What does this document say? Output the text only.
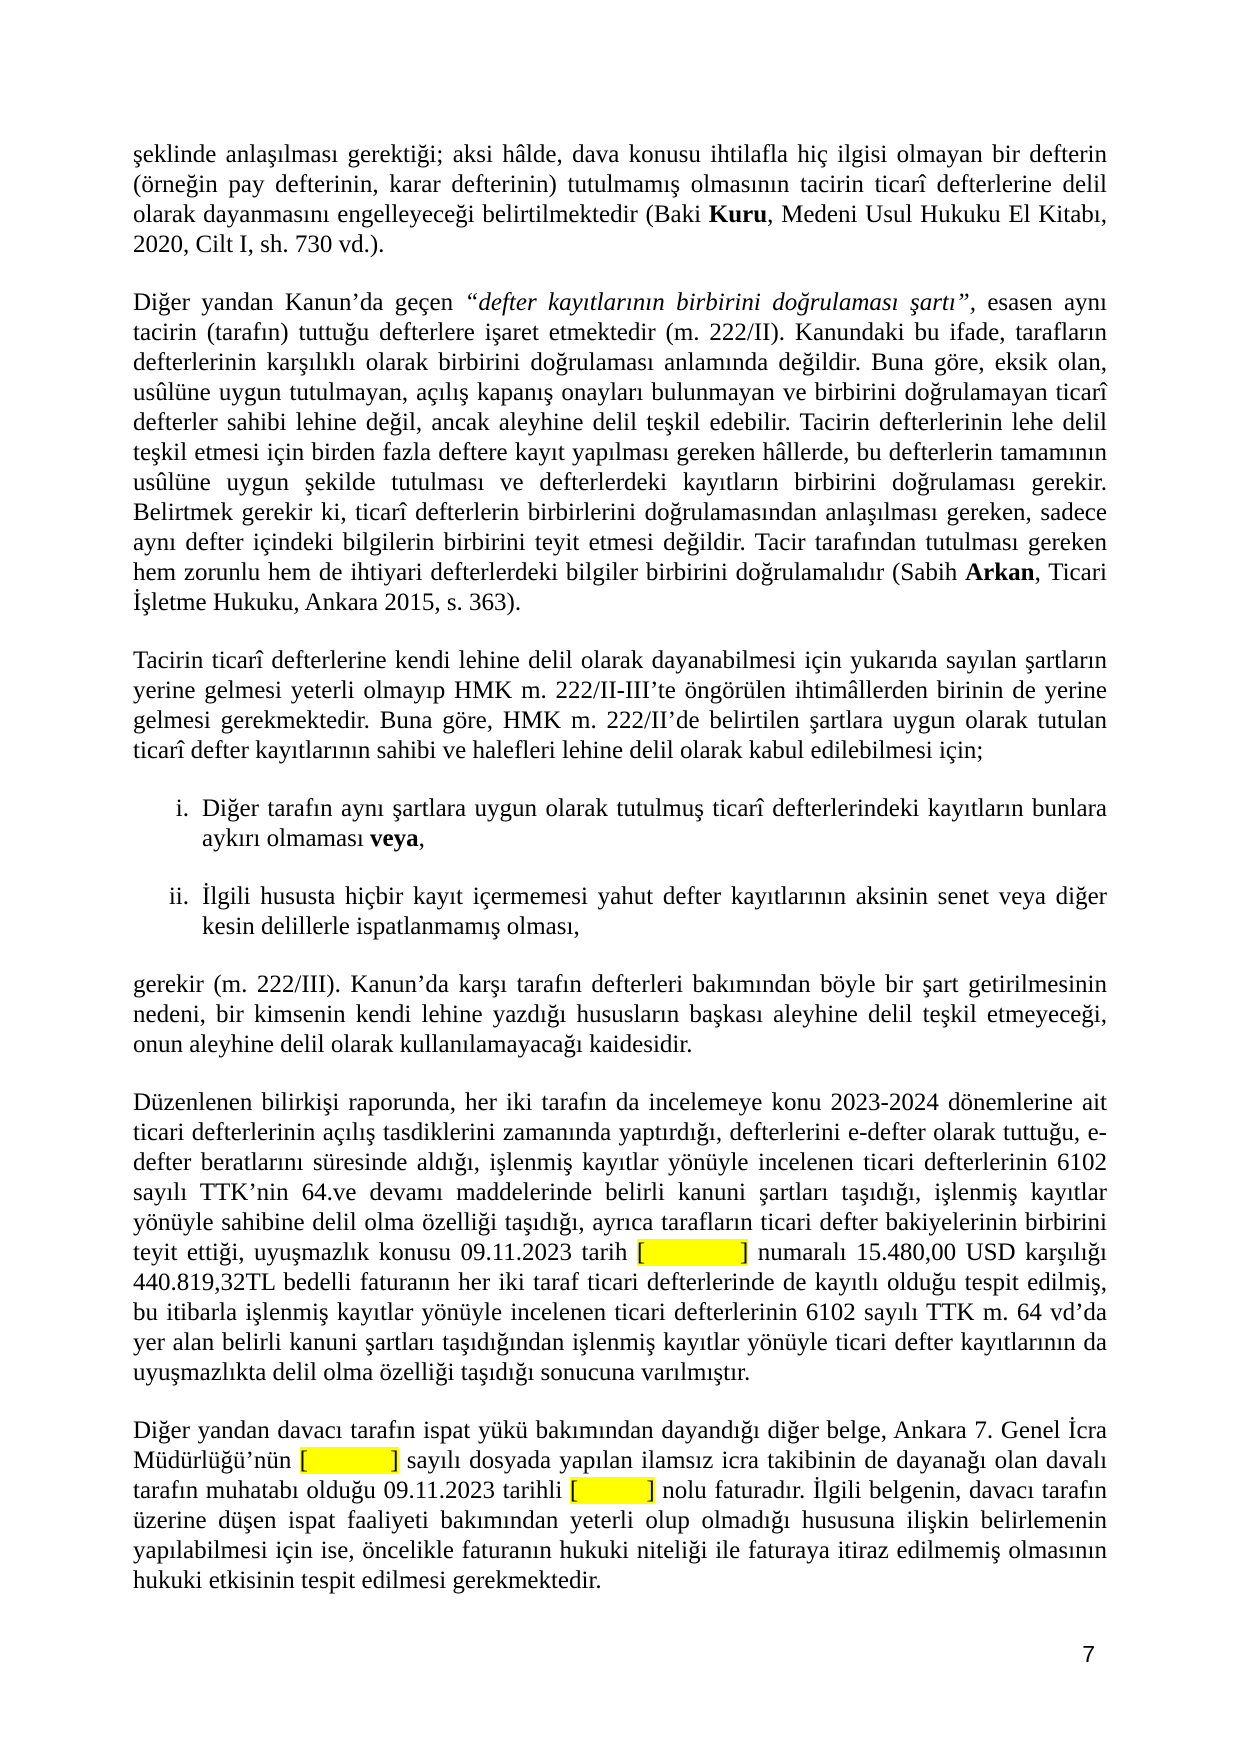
şeklinde anlaşılması gerektiği; aksi hâlde, dava konusu ihtilafla hiç ilgisi olmayan bir defterin (örneğin pay defterinin, karar defterinin) tutulmamış olmasının tacirin ticarî defterlerine delil olarak dayanmasını engelleyeceği belirtilmektedir (Baki Kuru, Medeni Usul Hukuku El Kitabı, 2020, Cilt I, sh. 730 vd.).
Diğer yandan Kanun’da geçen “defter kayıtlarının birbirini doğrulaması şartı”, esasen aynı tacirin (tarafın) tuttuğu defterlere işaret etmektedir (m. 222/II). Kanundaki bu ifade, tarafların defterlerinin karşılıklı olarak birbirini doğrulaması anlamında değildir. Buna göre, eksik olan, usûlüne uygun tutulmayan, açılış kapanış onayları bulunmayan ve birbirini doğrulamayan ticarî defterler sahibi lehine değil, ancak aleyhine delil teşkil edebilir. Tacirin defterlerinin lehe delil teşkil etmesi için birden fazla deftere kayıt yapılması gereken hâllerde, bu defterlerin tamamının usûlüne uygun şekilde tutulması ve defterlerdeki kayıtların birbirini doğrulaması gerekir. Belirtmek gerekir ki, ticarî defterlerin birbirlerini doğrulamasından anlaşılması gereken, sadece aynı defter içindeki bilgilerin birbirini teyit etmesi değildir. Tacir tarafından tutulması gereken hem zorunlu hem de ihtiyari defterlerdeki bilgiler birbirini doğrulamalıdır (Sabih Arkan, Ticari İşletme Hukuku, Ankara 2015, s. 363).
Tacirin ticarî defterlerine kendi lehine delil olarak dayanabilmesi için yukarıda sayılan şartların yerine gelmesi yeterli olmayıp HMK m. 222/II-III’te öngörülen ihtimâllerden birinin de yerine gelmesi gerekmektedir. Buna göre, HMK m. 222/II’de belirtilen şartlara uygun olarak tutulan ticarî defter kayıtlarının sahibi ve halefleri lehine delil olarak kabul edilebilmesi için;
i. Diğer tarafın aynı şartlara uygun olarak tutulmuş ticarî defterlerindeki kayıtların bunlara aykırı olmaması veya,
ii. İlgili hususta hiçbir kayıt içermemesi yahut defter kayıtlarının aksinin senet veya diğer kesin delillerle ispatlanmamış olması,
gerekir (m. 222/III). Kanun’da karşı tarafın defterleri bakımından böyle bir şart getirilmesinin nedeni, bir kimsenin kendi lehine yazdığı hususların başkası aleyhine delil teşkil etmeyeceği, onun aleyhine delil olarak kullanılamayacağı kaidesidir.
Düzenlenen bilirkişi raporunda, her iki tarafın da incelemeye konu 2023-2024 dönemlerine ait ticari defterlerinin açılış tasdiklerini zamanında yaptırdığı, defterlerini e-defter olarak tuttuğu, e-defter beratlarını süresinde aldığı, işlenmiş kayıtlar yönüyle incelenen ticari defterlerinin 6102 sayılı TTK’nin 64.ve devamı maddelerinde belirli kanuni şartları taşıdığı, işlenmiş kayıtlar yönüyle sahibine delil olma özelliği taşıdığı, ayrıca tarafların ticari defter bakiyelerinin birbirini teyit ettiği, uyuşmazlık konusu 09.11.2023 tarih [          ] numaralı 15.480,00 USD karşılığı 440.819,32TL bedelli faturanın her iki taraf ticari defterlerinde de kayıtlı olduğu tespit edilmiş, bu itibarla işlenmiş kayıtlar yönüyle incelenen ticari defterlerinin 6102 sayılı TTK m. 64 vd’da yer alan belirli kanuni şartları taşıdığından işlenmiş kayıtlar yönüyle ticari defter kayıtlarının da uyuşmazlıkta delil olma özelliği taşıdığı sonucuna varılmıştır.
Diğer yandan davacı tarafın ispat yükü bakımından dayandığı diğer belge, Ankara 7. Genel İcra Müdürlüğü’nün [          ] sayılı dosyada yapılan ilamsız icra takibinin de dayanağı olan davalı tarafın muhatabı olduğu 09.11.2023 tarihli [         ] nolu faturadır. İlgili belgenin, davacı tarafın üzerine düşen ispat faaliyeti bakımından yeterli olup olmadığı hususuna ilişkin belirlemenin yapılabilmesi için ise, öncelikle faturanın hukuki niteliği ile faturaya itiraz edilmemiş olmasının hukuki etkisinin tespit edilmesi gerekmektedir.
7
